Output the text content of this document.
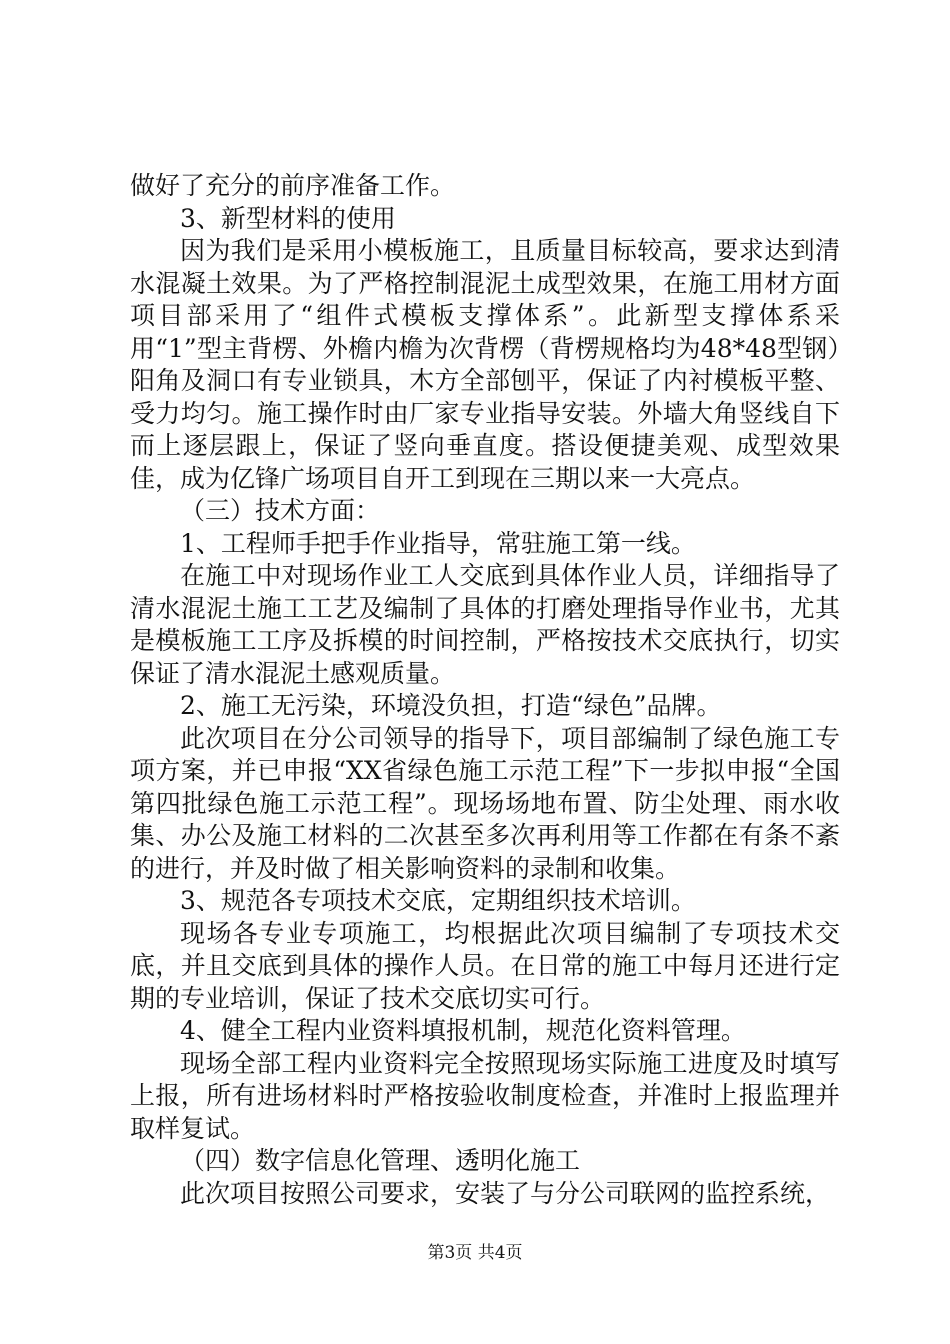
做好了充分的前序准备工作。

3、新型材料的使用

因为我们是采用小模板施工，且质量目标较高，要求达到清水混凝土效果。为了严格控制混泥土成型效果，在施工用材方面项目部采用了“组件式模板支撑体系”。此新型支撑体系采用“1”型主背楞、外檐内檐为次背楞（背楞规格均为48*48型钢）阳角及洞口有专业锁具，木方全部刨平，保证了内衬模板平整、受力均匀。施工操作时由厂家专业指导安装。外墙大角竖线自下而上逐层跟上，保证了竖向垂直度。搭设便捷美观、成型效果佳，成为亿锋广场项目自开工到现在三期以来一大亮点。

（三）技术方面：

1、工程师手把手作业指导，常驻施工第一线。

在施工中对现场作业工人交底到具体作业人员，详细指导了清水混泥土施工工艺及编制了具体的打磨处理指导作业书，尤其是模板施工工序及拆模的时间控制，严格按技术交底执行，切实保证了清水混泥土感观质量。

2、施工无污染，环境没负担，打造“绿色”品牌。

此次项目在分公司领导的指导下，项目部编制了绿色施工专项方案，并已申报“XX省绿色施工示范工程”下一步拟申报“全国第四批绿色施工示范工程”。现场场地布置、防尘处理、雨水收集、办公及施工材料的二次甚至多次再利用等工作都在有条不紊的进行，并及时做了相关影响资料的录制和收集。

3、规范各专项技术交底，定期组织技术培训。

现场各专业专项施工，均根据此次项目编制了专项技术交底，并且交底到具体的操作人员。在日常的施工中每月还进行定期的专业培训，保证了技术交底切实可行。

4、健全工程内业资料填报机制，规范化资料管理。

现场全部工程内业资料完全按照现场实际施工进度及时填写上报，所有进场材料时严格按验收制度检查，并准时上报监理并取样复试。

（四）数字信息化管理、透明化施工

此次项目按照公司要求，安装了与分公司联网的监控系统，

第3页 共4页
